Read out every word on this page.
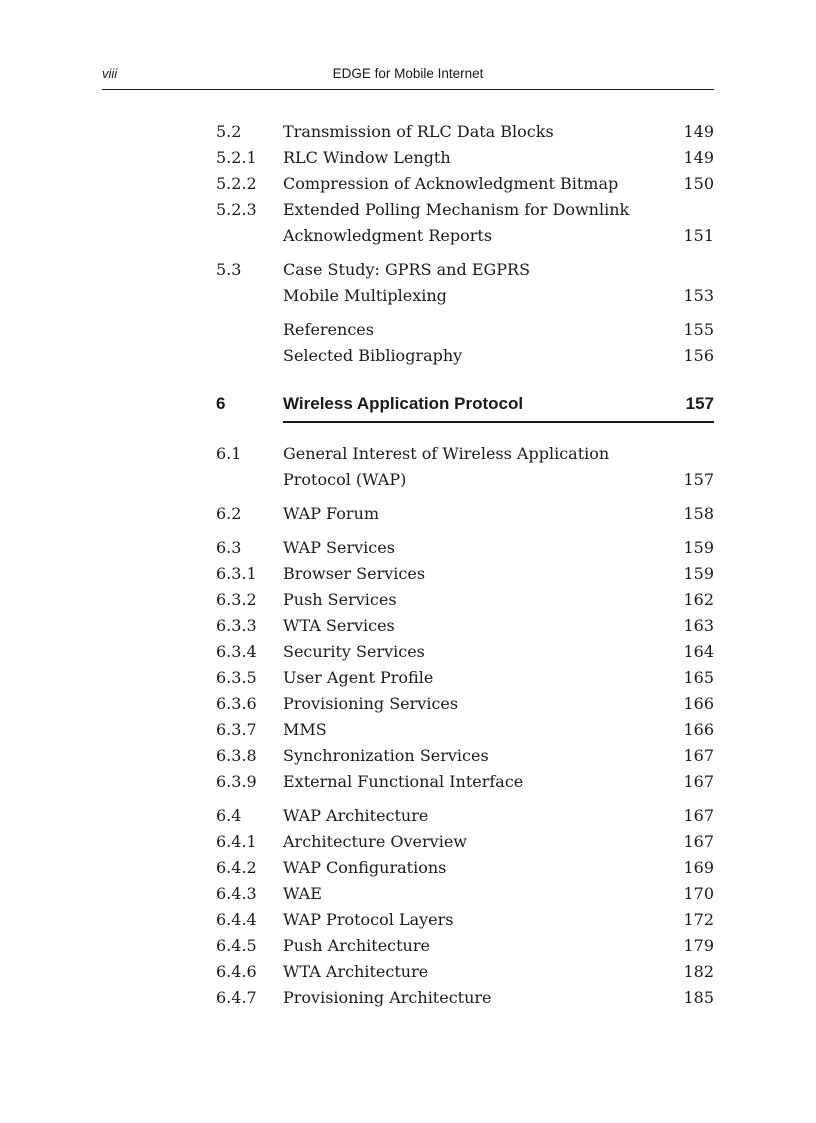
viii	EDGE for Mobile Internet
5.2	Transmission of RLC Data Blocks	149
5.2.1 RLC Window Length	149
5.2.2 Compression of Acknowledgment Bitmap	150
5.2.3 Extended Polling Mechanism for Downlink
Acknowledgment Reports	151
5.3	Case Study: GPRS and EGPRS
Mobile Multiplexing	153
References	155
Selected Bibliography	156
6	Wireless Application Protocol	157
6.1	General Interest of Wireless Application
Protocol (WAP)	157
6.2	WAP Forum	158
6.3	WAP Services	159
6.3.1 Browser Services	159
6.3.2 Push Services	162
6.3.3 WTA Services	163
6.3.4 Security Services	164
6.3.5 User Agent Profile	165
6.3.6 Provisioning Services	166
6.3.7 MMS	166
6.3.8 Synchronization Services	167
6.3.9 External Functional Interface	167
6.4	WAP Architecture	167
6.4.1 Architecture Overview	167
6.4.2 WAP Configurations	169
6.4.3 WAE	170
6.4.4 WAP Protocol Layers	172
6.4.5 Push Architecture	179
6.4.6 WTA Architecture	182
6.4.7 Provisioning Architecture	185
